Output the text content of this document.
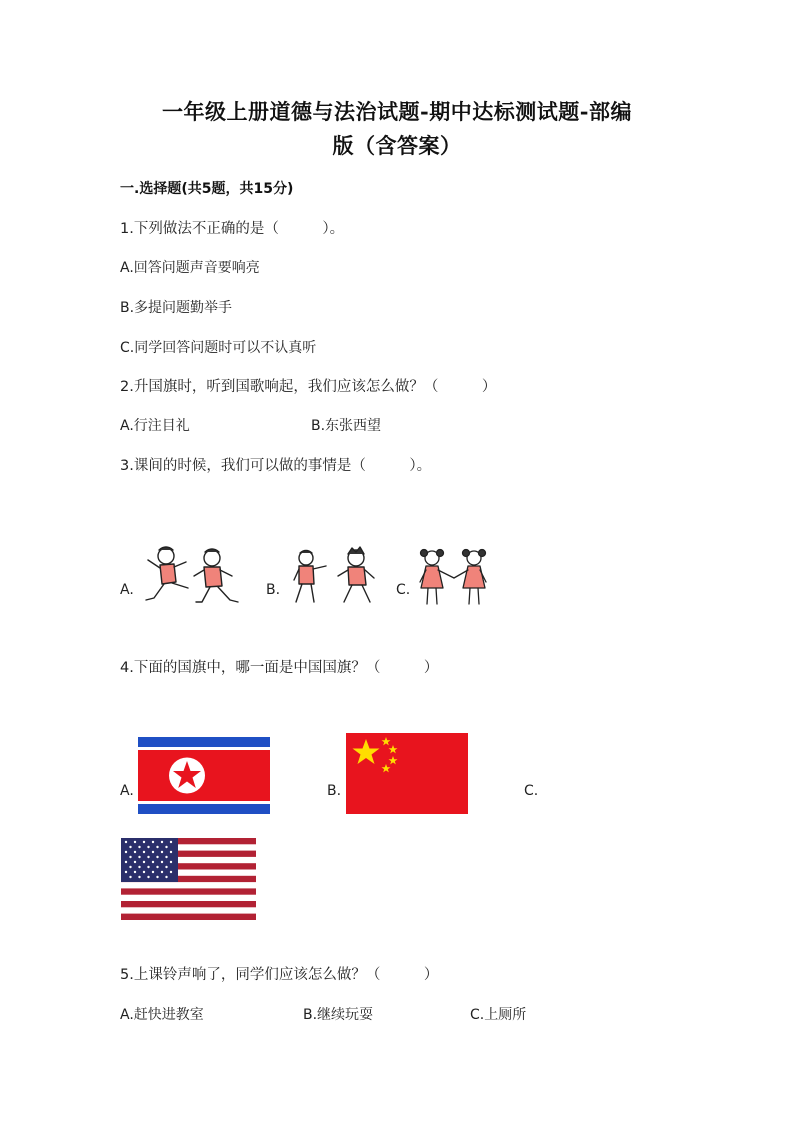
一年级上册道德与法治试题-期中达标测试题-部编
版（含答案）
一.选择题(共5题，共15分)
1.下列做法不正确的是（　　　）。
A.回答问题声音要响亮
B.多提问题勤举手
C.同学回答问题时可以不认真听
2.升国旗时，听到国歌响起，我们应该怎么做？（　　　）
A.行注目礼	B.东张西望
3.课间的时候，我们可以做的事情是（　　　）。
A.	B.	C.
4.下面的国旗中，哪一面是中国国旗？（　　　）
A.	B.	C.
5.上课铃声响了，同学们应该怎么做？（　　　）
A.赶快进教室	B.继续玩耍	C.上厕所
